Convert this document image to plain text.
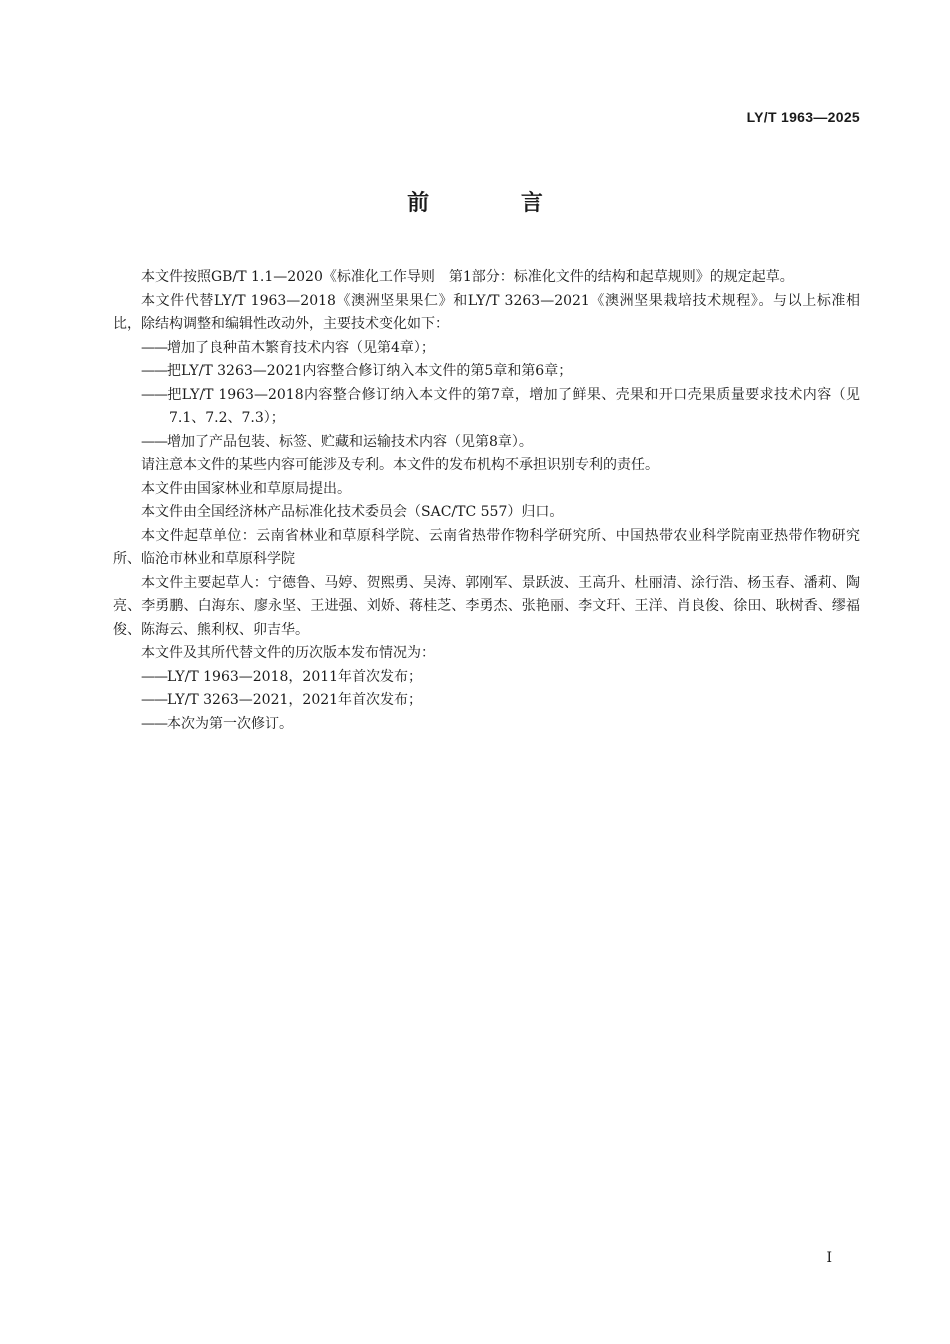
LY/T 1963—2025
前 言

本文件按照GB/T 1.1—2020《标准化工作导则　第1部分：标准化文件的结构和起草规则》的规定起草。

本文件代替LY/T 1963—2018《澳洲坚果果仁》和LY/T 3263—2021《澳洲坚果栽培技术规程》。与以上标准相比，除结构调整和编辑性改动外，主要技术变化如下：

——增加了良种苗木繁育技术内容（见第4章）；

——把LY/T 3263—2021内容整合修订纳入本文件的第5章和第6章；

——把LY/T 1963—2018内容整合修订纳入本文件的第7章，增加了鲜果、壳果和开口壳果质量要求技术内容（见7.1、7.2、7.3）；

——增加了产品包装、标签、贮藏和运输技术内容（见第8章）。

请注意本文件的某些内容可能涉及专利。本文件的发布机构不承担识别专利的责任。

本文件由国家林业和草原局提出。

本文件由全国经济林产品标准化技术委员会（SAC/TC 557）归口。

本文件起草单位：云南省林业和草原科学院、云南省热带作物科学研究所、中国热带农业科学院南亚热带作物研究所、临沧市林业和草原科学院

本文件主要起草人：宁德鲁、马婷、贺熙勇、吴涛、郭刚军、景跃波、王高升、杜丽清、涂行浩、杨玉春、潘莉、陶亮、李勇鹏、白海东、廖永坚、王进强、刘娇、蒋桂芝、李勇杰、张艳丽、李文玕、王洋、肖良俊、徐田、耿树香、缪福俊、陈海云、熊利权、卯吉华。

本文件及其所代替文件的历次版本发布情况为：

——LY/T 1963—2018，2011年首次发布；

——LY/T 3263—2021，2021年首次发布；

——本次为第一次修订。

I
